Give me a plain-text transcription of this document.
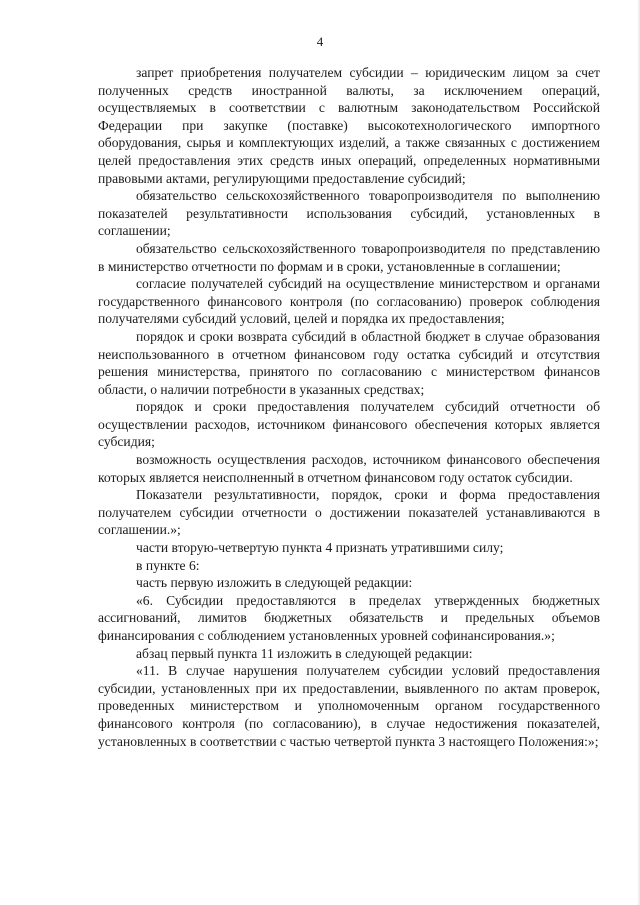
4

запрет приобретения получателем субсидии – юридическим лицом за счет полученных средств иностранной валюты, за исключением операций, осуществляемых в соответствии с валютным законодательством Российской Федерации при закупке (поставке) высокотехнологического импортного оборудования, сырья и комплектующих изделий, а также связанных с достижением целей предоставления этих средств иных операций, определенных нормативными правовыми актами, регулирующими предоставление субсидий;

обязательство сельскохозяйственного товаропроизводителя по выполнению показателей результативности использования субсидий, установленных в соглашении;

обязательство сельскохозяйственного товаропроизводителя по представлению в министерство отчетности по формам и в сроки, установленные в соглашении;

согласие получателей субсидий на осуществление министерством и органами государственного финансового контроля (по согласованию) проверок соблюдения получателями субсидий условий, целей и порядка их предоставления;

порядок и сроки возврата субсидий в областной бюджет в случае образования неиспользованного в отчетном финансовом году остатка субсидий и отсутствия решения министерства, принятого по согласованию с министерством финансов области, о наличии потребности в указанных средствах;

порядок и сроки предоставления получателем субсидий отчетности об осуществлении расходов, источником финансового обеспечения которых является субсидия;

возможность осуществления расходов, источником финансового обеспечения которых является неисполненный в отчетном финансовом году остаток субсидии.

Показатели результативности, порядок, сроки и форма предоставления получателем субсидии отчетности о достижении показателей устанавливаются в соглашении.»;

части вторую-четвертую пункта 4 признать утратившими силу;

в пункте 6:

часть первую изложить в следующей редакции:

«6. Субсидии предоставляются в пределах утвержденных бюджетных ассигнований, лимитов бюджетных обязательств и предельных объемов финансирования с соблюдением установленных уровней софинансирования.»;

абзац первый пункта 11 изложить в следующей редакции:

«11. В случае нарушения получателем субсидии условий предоставления субсидии, установленных при их предоставлении, выявленного по актам проверок, проведенных министерством и уполномоченным органом государственного финансового контроля (по согласованию), в случае недостижения показателей, установленных в соответствии с частью четвертой пункта 3 настоящего Положения:»;
